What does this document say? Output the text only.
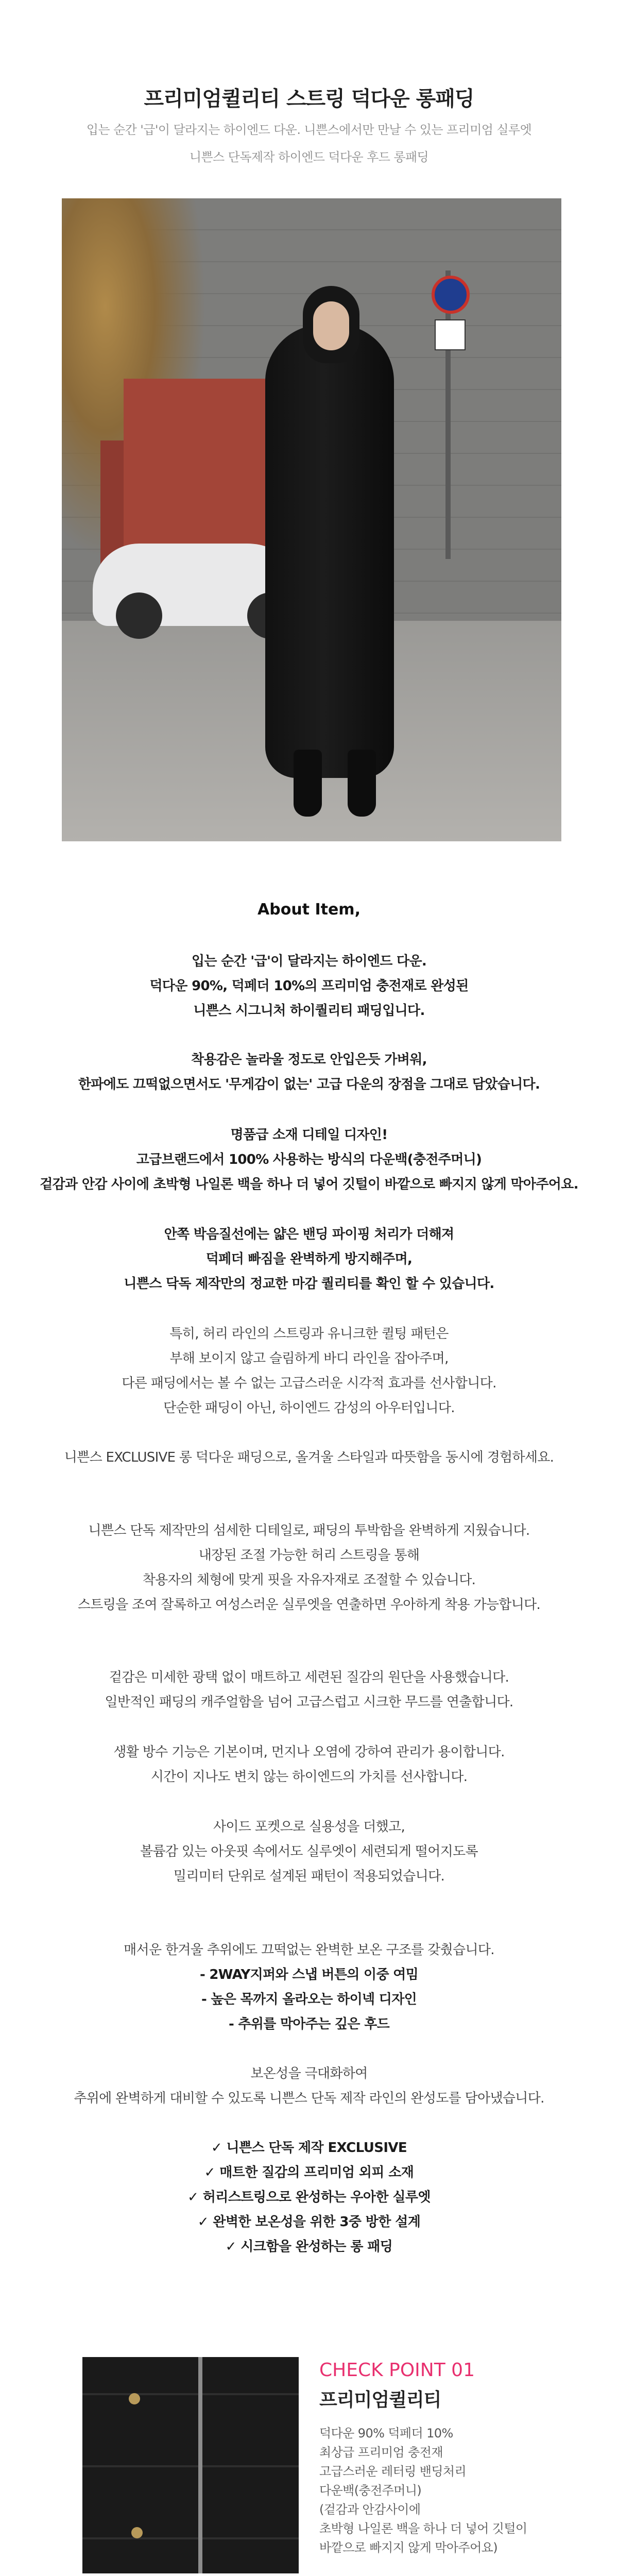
프리미엄퀼리티 스트링 덕다운 롱패딩
입는 순간 '급'이 달라지는 하이엔드 다운. 니쁜스에서만 만날 수 있는 프리미엄 실루엣
니쁜스 단독제작 하이엔드 덕다운 후드 롱패딩
About Item,
입는 순간 '급'이 달라지는 하이엔드 다운.
덕다운 90%, 덕페더 10%의 프리미엄 충전재로 완성된
니쁜스 시그니처 하이퀄리티 패딩입니다.
착용감은 놀라울 정도로 안입은듯 가벼워,
한파에도 끄떡없으면서도 '무게감이 없는' 고급 다운의 장점을 그대로 담았습니다.
명품급 소재 디테일 디자인!
고급브랜드에서 100% 사용하는 방식의 다운백(충전주머니)
겉감과 안감 사이에 초박형 나일론 백을 하나 더 넣어 깃털이 바깥으로 빠지지 않게 막아주어요.
안쪽 박음질선에는 얇은 밴딩 파이핑 처리가 더해져
덕페더 빠짐을 완벽하게 방지해주며,
니쁜스 닥독 제작만의 정교한 마감 퀄리티를 확인 할 수 있습니다.
특히, 허리 라인의 스트링과 유니크한 퀼팅 패턴은
부해 보이지 않고 슬림하게 바디 라인을 잡아주며,
다른 패딩에서는 볼 수 없는 고급스러운 시각적 효과를 선사합니다.
단순한 패딩이 아닌, 하이엔드 감성의 아우터입니다.
니쁜스 EXCLUSIVE 롱 덕다운 패딩으로, 올겨울 스타일과 따뜻함을 동시에 경험하세요.
니쁜스 단독 제작만의 섬세한 디테일로, 패딩의 투박함을 완벽하게 지웠습니다.
내장된 조절 가능한 허리 스트링을 통해
착용자의 체형에 맞게 핏을 자유자재로 조절할 수 있습니다.
스트링을 조여 잘록하고 여성스러운 실루엣을 연출하면 우아하게 착용 가능합니다.
겉감은 미세한 광택 없이 매트하고 세련된 질감의 원단을 사용했습니다.
일반적인 패딩의 캐주얼함을 넘어 고급스럽고 시크한 무드를 연출합니다.
생활 방수 기능은 기본이며, 먼지나 오염에 강하여 관리가 용이합니다.
시간이 지나도 변치 않는 하이엔드의 가치를 선사합니다.
사이드 포켓으로 실용성을 더했고,
볼륨감 있는 아웃핏 속에서도 실루엣이 세련되게 떨어지도록
밀리미터 단위로 설계된 패턴이 적용되었습니다.
매서운 한겨울 추위에도 끄떡없는 완벽한 보온 구조를 갖췄습니다.
- 2WAY지퍼와 스냅 버튼의 이중 여밈
- 높은 목까지 올라오는 하이넥 디자인
- 추위를 막아주는 깊은 후드
보온성을 극대화하여
추위에 완벽하게 대비할 수 있도록 니쁜스 단독 제작 라인의 완성도를 담아냈습니다.
✓ 니쁜스 단독 제작 EXCLUSIVE
✓ 매트한 질감의 프리미엄 외피 소재
✓ 허리스트링으로 완성하는 우아한 실루엣
✓ 완벽한 보온성을 위한 3중 방한 설계
✓ 시크함을 완성하는 롱 패딩
CHECK POINT 01
프리미엄퀼리티
덕다운 90% 덕페더 10%
최상급 프리미엄 충전재
고급스러운 레터링 밴딩처리
다운백(충전주머니)
(겉감과 안감사이에
초박형 나일론 백을 하나 더 넣어 깃털이
바깥으로 빠지지 않게 막아주어요)
